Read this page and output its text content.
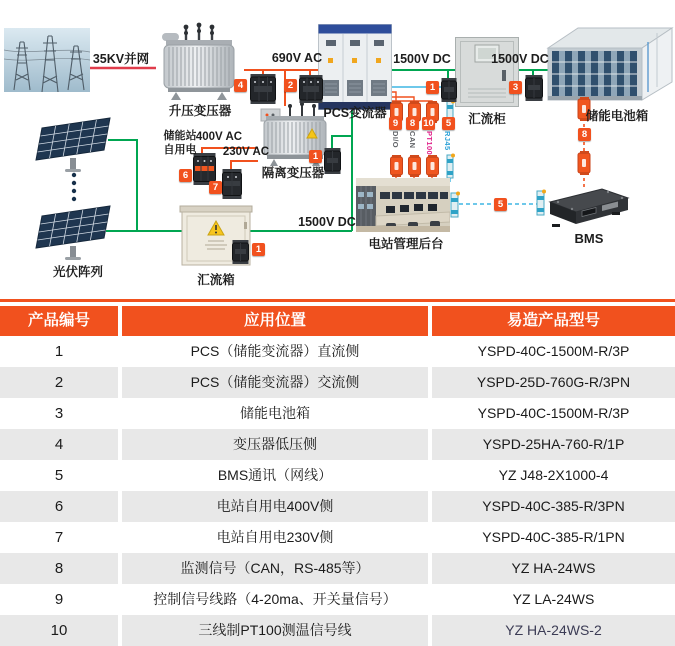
4	2	1	3
1
6
7
1
9	8 10	5
8
5
DI/O CAN PT100 RJ45
35KV并网
升压变压器
690V AC
PCS变流器
1500V DC
汇流柜
1500V DC
储能电池箱
储能站
自用电
400V AC
230V AC
隔离变压器
光伏阵列
汇流箱
1500V DC
电站管理后台	BMS
产品编号	应用位置	易造产品型号
1	PCS（储能变流器）直流侧	YSPD-40C-1500M-R/3P
2	PCS（储能变流器）交流侧	YSPD-25D-760G-R/3PN
3	储能电池箱	YSPD-40C-1500M-R/3P
4	变压器低压侧	YSPD-25HA-760-R/1P
5	BMS通讯（网线）	YZ J48-2X1000-4
6	电站自用电400V侧	YSPD-40C-385-R/3PN
7	电站自用电230V侧	YSPD-40C-385-R/1PN
8	监测信号（CAN，RS-485等）	YZ HA-24WS
9	控制信号线路（4-20ma、开关量信号）	YZ LA-24WS
10	三线制PT100测温信号线	YZ HA-24WS-2
